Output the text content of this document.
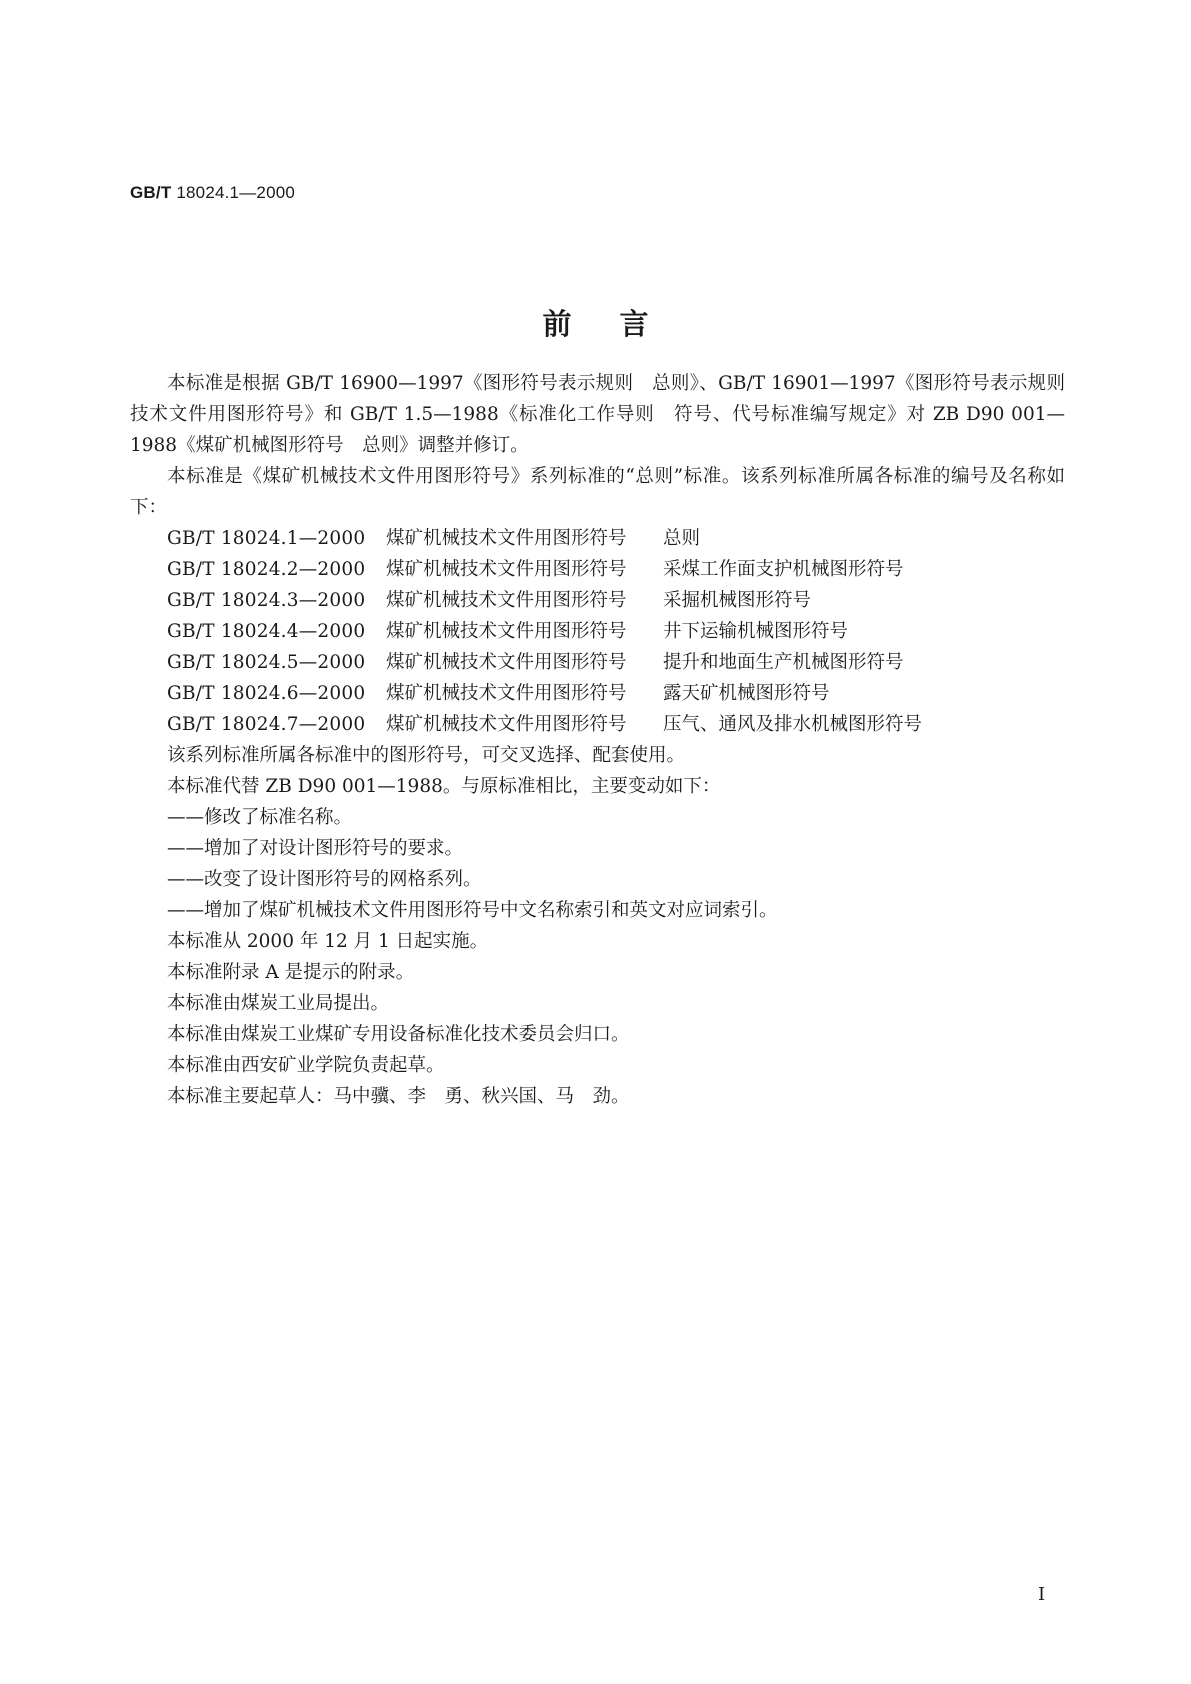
GB/T 18024.1—2000
前言

本标准是根据 GB/T 16900—1997《图形符号表示规则　总则》、GB/T 16901—1997《图形符号表示规则　技术文件用图形符号》和 GB/T 1.5—1988《标准化工作导则　符号、代号标准编写规定》对 ZB D90 001—1988《煤矿机械图形符号　总则》调整并修订。

本标准是《煤矿机械技术文件用图形符号》系列标准的“总则”标准。该系列标准所属各标准的编号及名称如下：

GB/T 18024.1—2000 煤矿机械技术文件用图形符号 总则
GB/T 18024.2—2000 煤矿机械技术文件用图形符号 采煤工作面支护机械图形符号
GB/T 18024.3—2000 煤矿机械技术文件用图形符号 采掘机械图形符号
GB/T 18024.4—2000 煤矿机械技术文件用图形符号 井下运输机械图形符号
GB/T 18024.5—2000 煤矿机械技术文件用图形符号 提升和地面生产机械图形符号
GB/T 18024.6—2000 煤矿机械技术文件用图形符号 露天矿机械图形符号
GB/T 18024.7—2000 煤矿机械技术文件用图形符号 压气、通风及排水机械图形符号

该系列标准所属各标准中的图形符号，可交叉选择、配套使用。

本标准代替 ZB D90 001—1988。与原标准相比，主要变动如下：

——修改了标准名称。

——增加了对设计图形符号的要求。

——改变了设计图形符号的网格系列。

——增加了煤矿机械技术文件用图形符号中文名称索引和英文对应词索引。

本标准从 2000 年 12 月 1 日起实施。

本标准附录 A 是提示的附录。

本标准由煤炭工业局提出。

本标准由煤炭工业煤矿专用设备标准化技术委员会归口。

本标准由西安矿业学院负责起草。

本标准主要起草人：马中骥、李　勇、秋兴国、马　劲。

I
